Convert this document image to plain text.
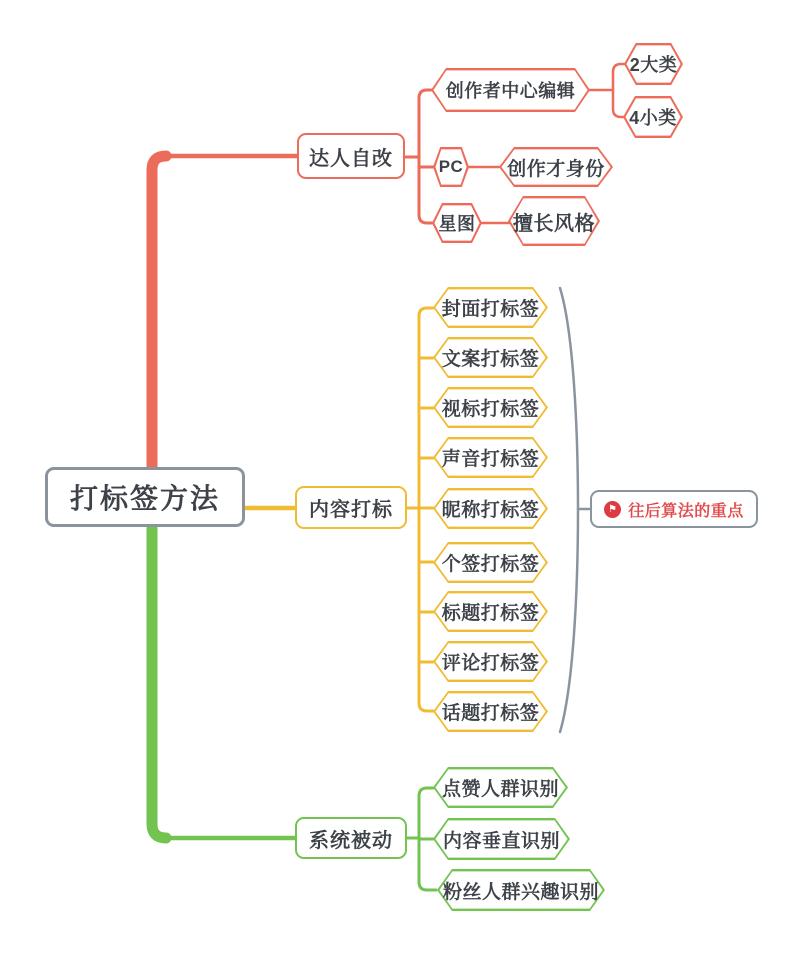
打标签方法
达人自改
创作者中心编辑
2大类
4小类
PC 创作才身份
星图 擅长风格
内容打标
封面打标签
文案打标签
视标打标签
声音打标签
昵称打标签
个签打标签
标题打标签
评论打标签
话题打标签
⚑
往后算法的重点
系统被动
点赞人群识别
内容垂直识别
粉丝人群兴趣识别
